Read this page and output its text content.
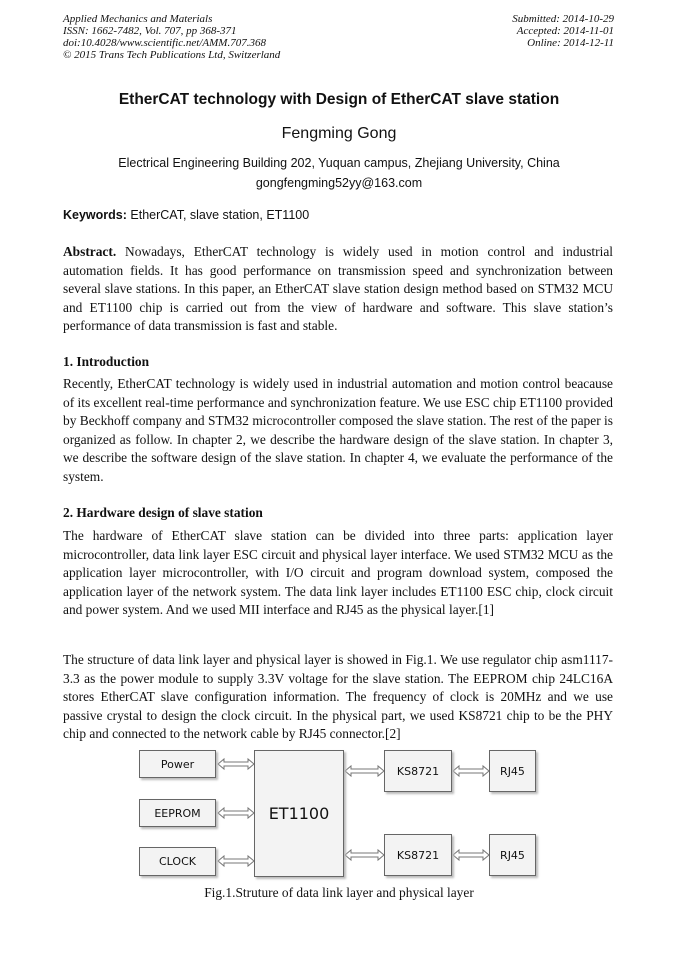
Applied Mechanics and Materials
ISSN: 1662-7482, Vol. 707, pp 368-371
doi:10.4028/www.scientific.net/AMM.707.368
© 2015 Trans Tech Publications Ltd, Switzerland
Submitted: 2014-10-29
Accepted: 2014-11-01
Online: 2014-12-11
EtherCAT technology with Design of EtherCAT slave station
Fengming Gong
Electrical Engineering Building 202, Yuquan campus, Zhejiang University, China
gongfengming52yy@163.com
Keywords: EtherCAT, slave station, ET1100
Abstract. Nowadays, EtherCAT technology is widely used in motion control and industrial automation fields. It has good performance on transmission speed and synchronization between several slave stations. In this paper, an EtherCAT slave station design method based on STM32 MCU and ET1100 chip is carried out from the view of hardware and software. This slave station’s performance of data transmission is fast and stable.
1. Introduction
Recently, EtherCAT technology is widely used in industrial automation and motion control beacause of its excellent real-time performance and synchronization feature. We use ESC chip ET1100 provided by Beckhoff company and STM32 microcontroller composed the slave station. The rest of the paper is organized as follow. In chapter 2, we describe the hardware design of the slave station. In chapter 3, we describe the software design of the slave station. In chapter 4, we evaluate the performance of the system.
2. Hardware design of slave station
The hardware of EtherCAT slave station can be divided into three parts: application layer microcontroller, data link layer ESC circuit and physical layer interface. We used STM32 MCU as the application layer microcontroller, with I/O circuit and program download system, composed the application layer of the network system. The data link layer includes ET1100 ESC chip, clock circuit and power system. And we used MII interface and RJ45 as the physical layer.[1]
The structure of data link layer and physical layer is showed in Fig.1. We use regulator chip asm1117-3.3 as the power module to supply 3.3V voltage for the slave station. The EEPROM chip 24LC16A stores EtherCAT slave configuration information. The frequency of clock is 20MHz and we use passive crystal to design the clock circuit. In the physical part, we used KS8721 chip to be the PHY chip and connected to the network cable by RJ45 connector.[2]
Power
EEPROM
CLOCK
ET1100
KS8721
KS8721
RJ45
RJ45
Fig.1.Struture of data link layer and physical layer
